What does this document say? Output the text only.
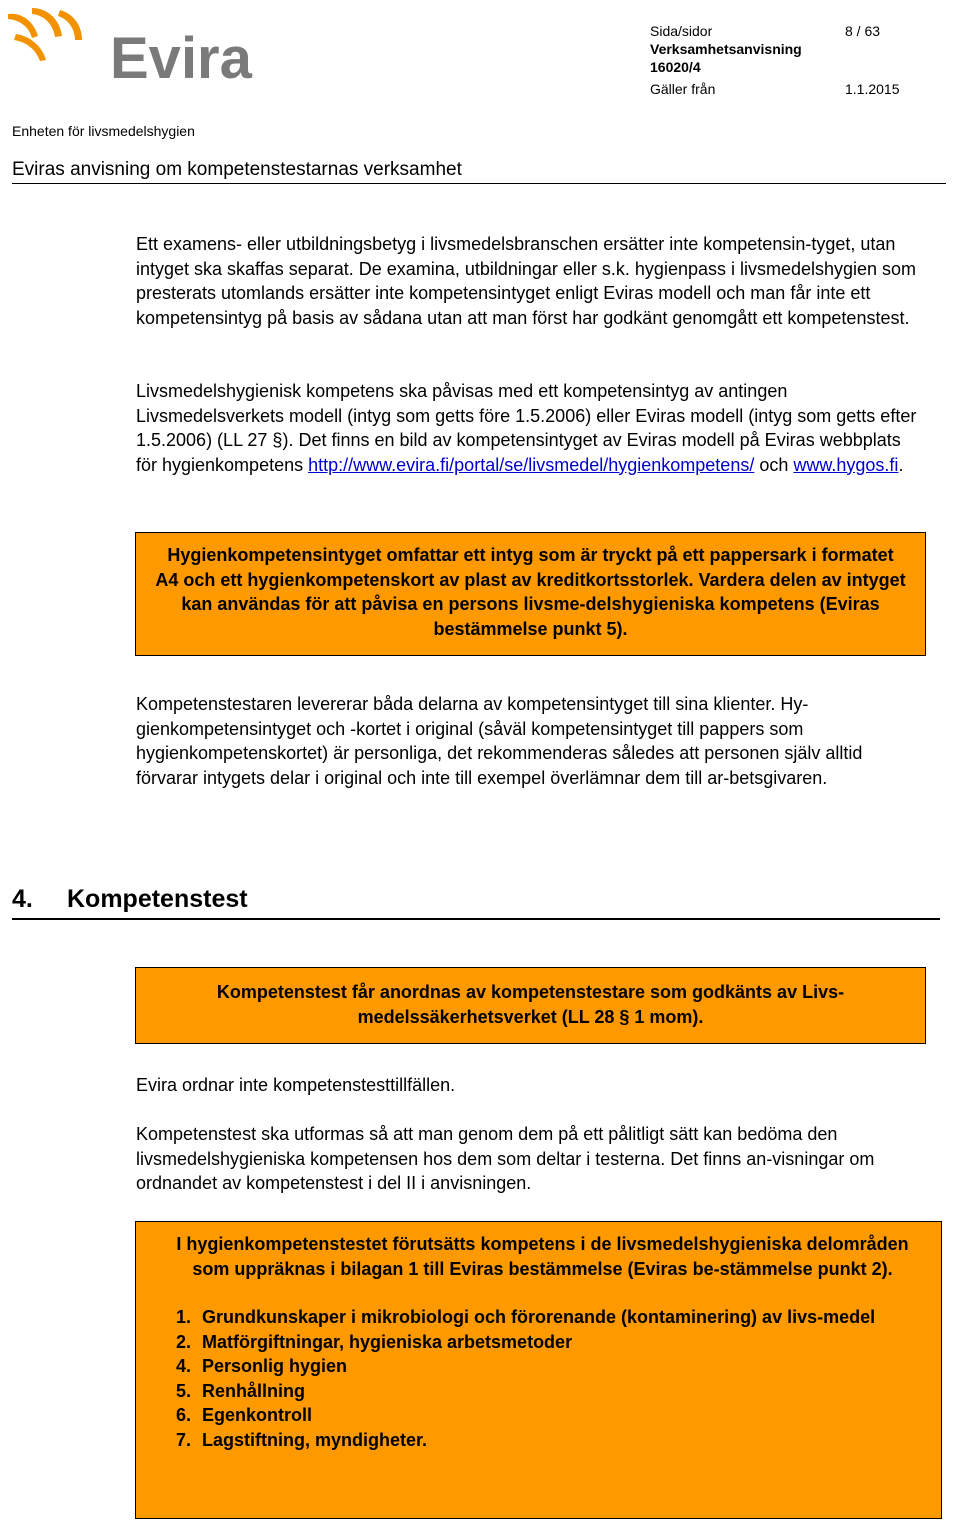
Evira	Sida/sidor	8 / 63
Verksamhetsanvisning
16020/4
Gäller från	1.1.2015
Enheten för livsmedelshygien
Eviras anvisning om kompetenstestarnas verksamhet
Ett examens- eller utbildningsbetyg i livsmedelsbranschen ersätter inte kompetensin-tyget, utan intyget ska skaffas separat. De examina, utbildningar eller s.k. hygienpass i livsmedelshygien som presterats utomlands ersätter inte kompetensintyget enligt Eviras modell och man får inte ett kompetensintyg på basis av sådana utan att man först har godkänt genomgått ett kompetenstest.
Livsmedelshygienisk kompetens ska påvisas med ett kompetensintyg av antingen Livsmedelsverkets modell (intyg som getts före 1.5.2006) eller Eviras modell (intyg som getts efter 1.5.2006) (LL 27 §). Det finns en bild av kompetensintyget av Eviras modell på Eviras webbplats för hygienkompetens http://www.evira.fi/portal/se/livsmedel/hygienkompetens/ och www.hygos.fi.
Hygienkompetensintyget omfattar ett intyg som är tryckt på ett pappersark i formatet A4 och ett hygienkompetenskort av plast av kreditkortsstorlek. Vardera delen av intyget kan användas för att påvisa en persons livsme-delshygieniska kompetens (Eviras bestämmelse punkt 5).
Kompetenstestaren levererar båda delarna av kompetensintyget till sina klienter. Hy-gienkompetensintyget och -kortet i original (såväl kompetensintyget till pappers som hygienkompetenskortet) är personliga, det rekommenderas således att personen själv alltid förvarar intygets delar i original och inte till exempel överlämnar dem till ar-betsgivaren.
4. Kompetenstest
Kompetenstest får anordnas av kompetenstestare som godkänts av Livs-medelssäkerhetsverket (LL 28 § 1 mom).
Evira ordnar inte kompetenstesttillfällen.
Kompetenstest ska utformas så att man genom dem på ett pålitligt sätt kan bedöma den livsmedelshygieniska kompetensen hos dem som deltar i testerna. Det finns an-visningar om ordnandet av kompetenstest i del II i anvisningen.
I hygienkompetenstestet förutsätts kompetens i de livsmedelshygieniska delområden som uppräknas i bilagan 1 till Eviras bestämmelse (Eviras be-stämmelse punkt 2).
1. Grundkunskaper i mikrobiologi och förorenande (kontaminering) av livs-medel
2. Matförgiftningar, hygieniska arbetsmetoder
4. Personlig hygien
5. Renhållning
6. Egenkontroll
7. Lagstiftning, myndigheter.
